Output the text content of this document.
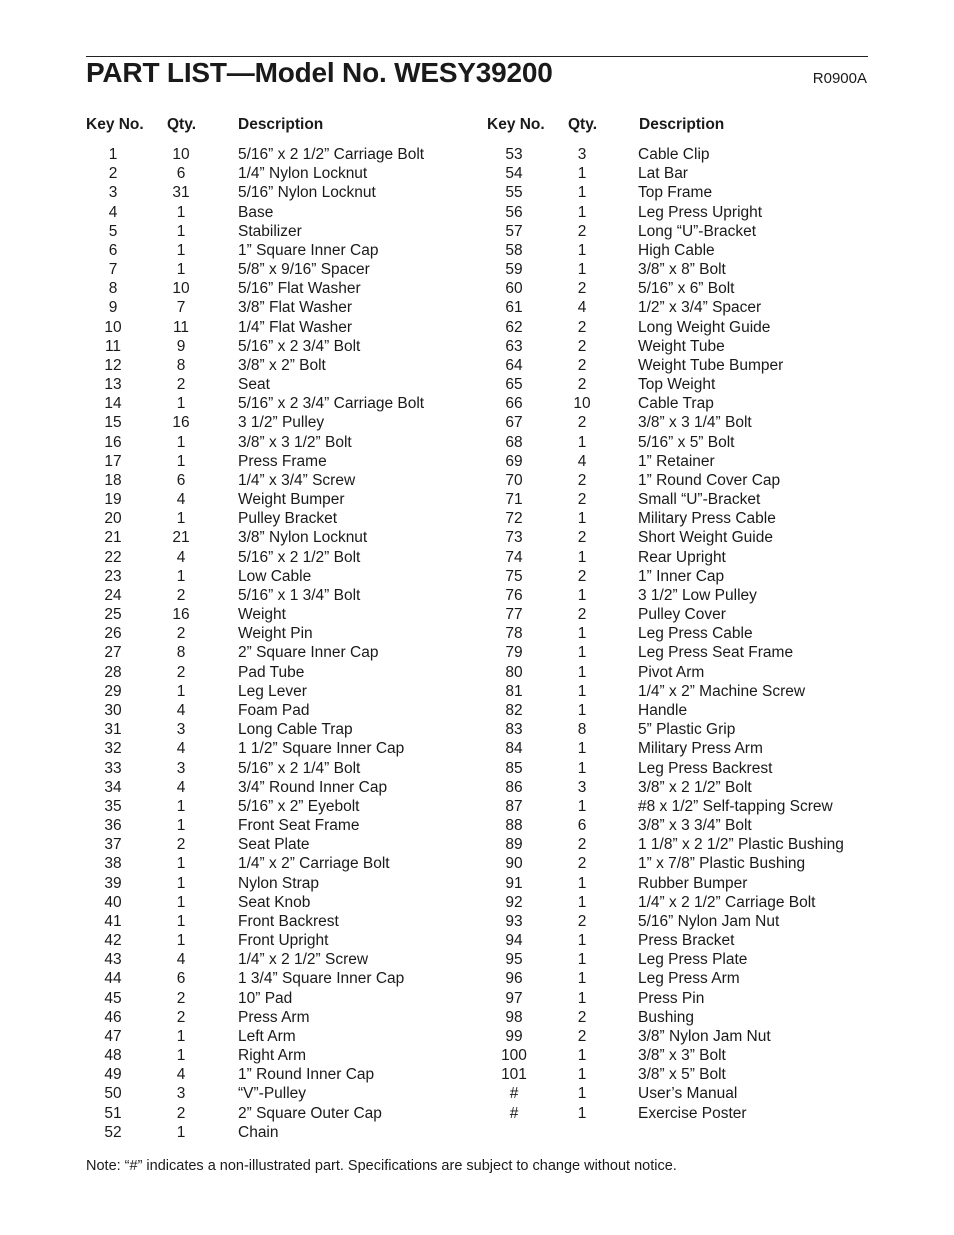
PART LIST—Model No. WESY39200	R0900A
Key No. Qty.	Description	Key No. Qty.	Description
1	10	5/16” x 2 1/2” Carriage Bolt
2	6	1/4” Nylon Locknut
3	31	5/16” Nylon Locknut
4	1	Base
5	1	Stabilizer
6	1	1” Square Inner Cap
7	1	5/8” x 9/16” Spacer
8	10	5/16” Flat Washer
9	7	3/8” Flat Washer
10	11	1/4” Flat Washer
11	9	5/16” x 2 3/4” Bolt
12	8	3/8” x 2” Bolt
13	2	Seat
14	1	5/16” x 2 3/4” Carriage Bolt
15	16	3 1/2” Pulley
16	1	3/8” x 3 1/2” Bolt
17	1	Press Frame
18	6	1/4” x 3/4” Screw
19	4	Weight Bumper
20	1	Pulley Bracket
21	21	3/8” Nylon Locknut
22	4	5/16” x 2 1/2” Bolt
23	1	Low Cable
24	2	5/16” x 1 3/4” Bolt
25	16	Weight
26	2	Weight Pin
27	8	2” Square Inner Cap
28	2	Pad Tube
29	1	Leg Lever
30	4	Foam Pad
31	3	Long Cable Trap
32	4	1 1/2” Square Inner Cap
33	3	5/16” x 2 1/4” Bolt
34	4	3/4” Round Inner Cap
35	1	5/16” x 2” Eyebolt
36	1	Front Seat Frame
37	2	Seat Plate
38	1	1/4” x 2” Carriage Bolt
39	1	Nylon Strap
40	1	Seat Knob
41	1	Front Backrest
42	1	Front Upright
43	4	1/4” x 2 1/2” Screw
44	6	1 3/4” Square Inner Cap
45	2	10” Pad
46	2	Press Arm
47	1	Left Arm
48	1	Right Arm
49	4	1” Round Inner Cap
50	3	“V”-Pulley
51	2	2” Square Outer Cap
52	1	Chain
53	3	Cable Clip
54	1	Lat Bar
55	1	Top Frame
56	1	Leg Press Upright
57	2	Long “U”-Bracket
58	1	High Cable
59	1	3/8” x 8” Bolt
60	2	5/16” x 6” Bolt
61	4	1/2” x 3/4” Spacer
62	2	Long Weight Guide
63	2	Weight Tube
64	2	Weight Tube Bumper
65	2	Top Weight
66	10	Cable Trap
67	2	3/8” x 3 1/4” Bolt
68	1	5/16” x 5” Bolt
69	4	1” Retainer
70	2	1” Round Cover Cap
71	2	Small “U”-Bracket
72	1	Military Press Cable
73	2	Short Weight Guide
74	1	Rear Upright
75	2	1” Inner Cap
76	1	3 1/2” Low Pulley
77	2	Pulley Cover
78	1	Leg Press Cable
79	1	Leg Press Seat Frame
80	1	Pivot Arm
81	1	1/4” x 2” Machine Screw
82	1	Handle
83	8	5” Plastic Grip
84	1	Military Press Arm
85	1	Leg Press Backrest
86	3	3/8” x 2 1/2” Bolt
87	1	#8 x 1/2” Self-tapping Screw
88	6	3/8” x 3 3/4” Bolt
89	2	1 1/8” x 2 1/2” Plastic Bushing
90	2	1” x 7/8” Plastic Bushing
91	1	Rubber Bumper
92	1	1/4” x 2 1/2” Carriage Bolt
93	2	5/16” Nylon Jam Nut
94	1	Press Bracket
95	1	Leg Press Plate
96	1	Leg Press Arm
97	1	Press Pin
98	2	Bushing
99	2	3/8” Nylon Jam Nut
100	1	3/8” x 3” Bolt
101	1	3/8” x 5” Bolt
#	1	User’s Manual
#	1	Exercise Poster
Note: “#” indicates a non-illustrated part. Specifications are subject to change without notice.
